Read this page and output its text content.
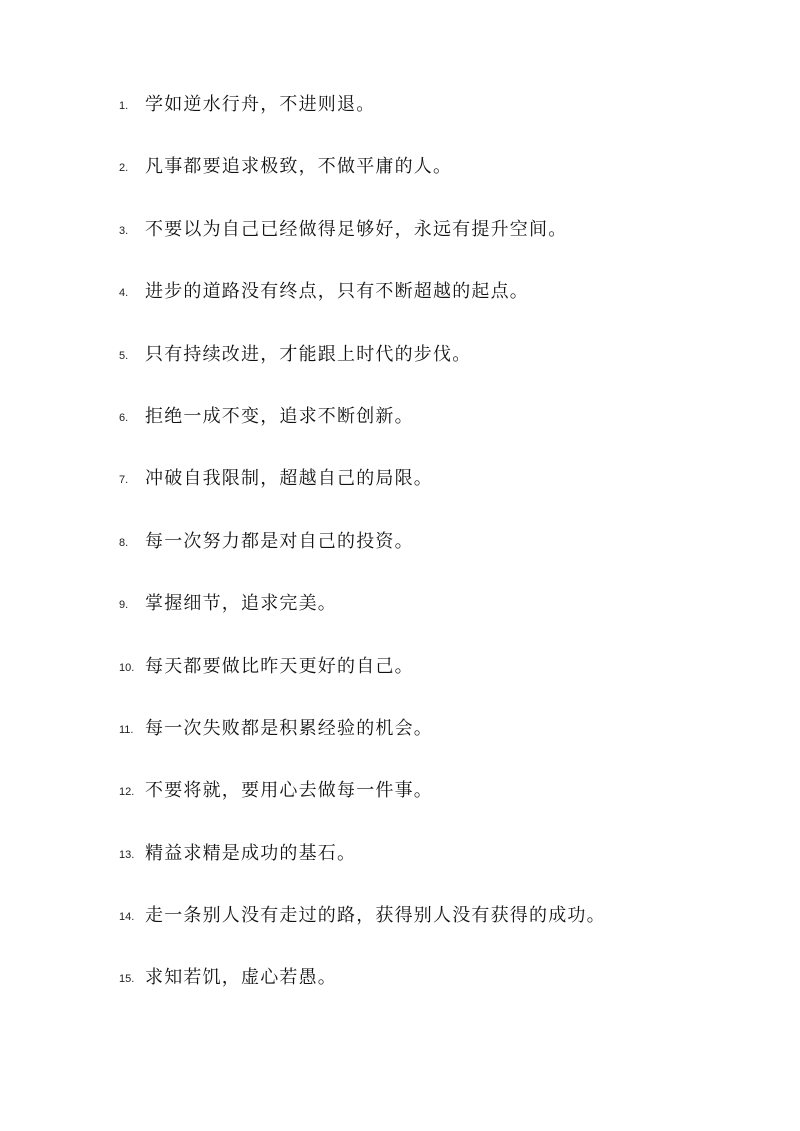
1. 学如逆水行舟，不进则退。
2. 凡事都要追求极致，不做平庸的人。
3. 不要以为自己已经做得足够好，永远有提升空间。
4. 进步的道路没有终点，只有不断超越的起点。
5. 只有持续改进，才能跟上时代的步伐。
6. 拒绝一成不变，追求不断创新。
7. 冲破自我限制，超越自己的局限。
8. 每一次努力都是对自己的投资。
9. 掌握细节，追求完美。
10. 每天都要做比昨天更好的自己。
11. 每一次失败都是积累经验的机会。
12. 不要将就，要用心去做每一件事。
13. 精益求精是成功的基石。
14. 走一条别人没有走过的路，获得别人没有获得的成功。
15. 求知若饥，虚心若愚。
